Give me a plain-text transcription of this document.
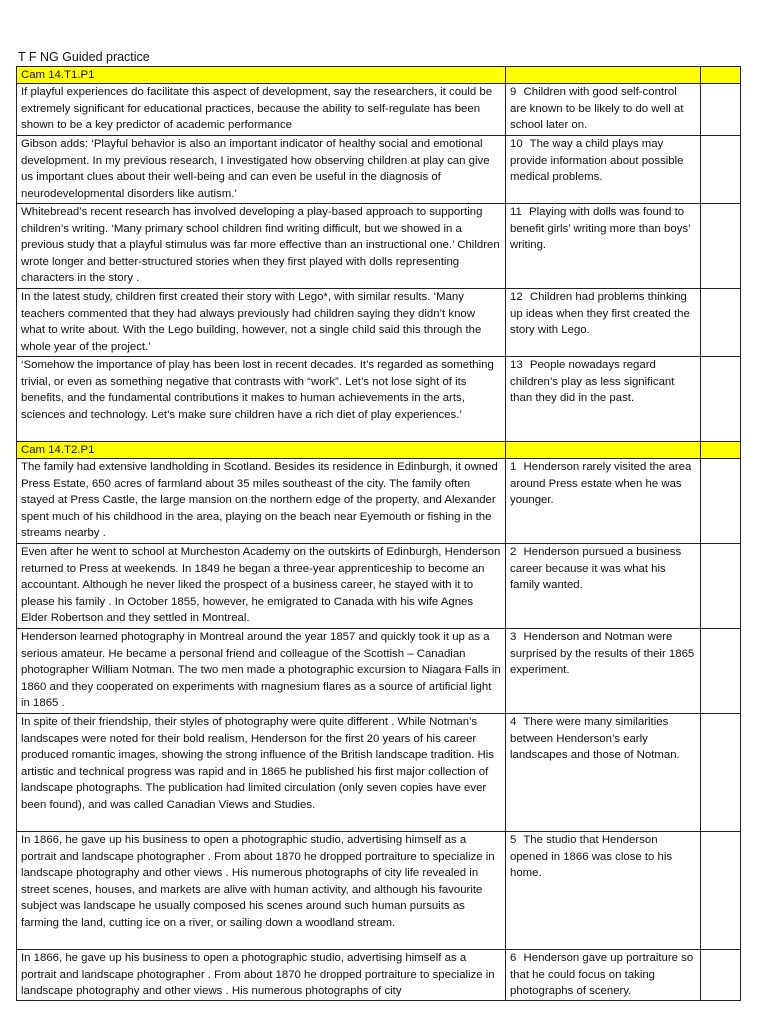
T F NG Guided practice
Cam 14.T1.P1		
If playful experiences do facilitate this aspect of development, say the researchers, it could be extremely significant for educational practices, because the ability to self-regulate has been shown to be a key predictor of academic performance	9 Children with good self-control are known to be likely to do well at school later on.	
Gibson adds: ‘Playful behavior is also an important indicator of healthy social and emotional development. In my previous research, I investigated how observing children at play can give us important clues about their well-being and can even be useful in the diagnosis of neurodevelopmental disorders like autism.’	10 The way a child plays may provide information about possible medical problems.	
Whitebread’s recent research has involved developing a play-based approach to supporting children’s writing. ‘Many primary school children find writing difficult, but we showed in a previous study that a playful stimulus was far more effective than an instructional one.’ Children wrote longer and better-structured stories when they first played with dolls representing characters in the story .	11 Playing with dolls was found to benefit girls’ writing more than boys’ writing.	
In the latest study, children first created their story with Lego*, with similar results. ‘Many teachers commented that they had always previously had children saying they didn’t know what to write about. With the Lego building, however, not a single child said this through the whole year of the project.’	12 Children had problems thinking up ideas when they first created the story with Lego.	
‘Somehow the importance of play has been lost in recent decades. It’s regarded as something trivial, or even as something negative that contrasts with “work”. Let’s not lose sight of its benefits, and the fundamental contributions it makes to human achievements in the arts, sciences and technology. Let’s make sure children have a rich diet of play experiences.’	13 People nowadays regard children’s play as less significant than they did in the past.	
Cam 14.T2.P1		
The family had extensive landholding in Scotland. Besides its residence in Edinburgh, it owned Press Estate, 650 acres of farmland about 35 miles southeast of the city. The family often stayed at Press Castle, the large mansion on the northern edge of the property, and Alexander spent much of his childhood in the area, playing on the beach near Eyemouth or fishing in the streams nearby .	1 Henderson rarely visited the area around Press estate when he was younger.	
Even after he went to school at Murcheston Academy on the outskirts of Edinburgh, Henderson returned to Press at weekends. In 1849 he began a three-year apprenticeship to become an accountant. Although he never liked the prospect of a business career, he stayed with it to please his family . In October 1855, however, he emigrated to Canada with his wife Agnes Elder Robertson and they settled in Montreal.	2 Henderson pursued a business career because it was what his family wanted.	
Henderson learned photography in Montreal around the year 1857 and quickly took it up as a serious amateur. He became a personal friend and colleague of the Scottish – Canadian photographer William Notman. The two men made a photographic excursion to Niagara Falls in 1860 and they cooperated on experiments with magnesium flares as a source of artificial light in 1865 .	3 Henderson and Notman were surprised by the results of their 1865 experiment.	
In spite of their friendship, their styles of photography were quite different . While Notman’s landscapes were noted for their bold realism, Henderson for the first 20 years of his career produced romantic images, showing the strong influence of the British landscape tradition. His artistic and technical progress was rapid and in 1865 he published his first major collection of landscape photographs. The publication had limited circulation (only seven copies have ever been found), and was called Canadian Views and Studies.	4 There were many similarities between Henderson’s early landscapes and those of Notman.	
In 1866, he gave up his business to open a photographic studio, advertising himself as a portrait and landscape photographer . From about 1870 he dropped portraiture to specialize in landscape photography and other views . His numerous photographs of city life revealed in street scenes, houses, and markets are alive with human activity, and although his favourite subject was landscape he usually composed his scenes around such human pursuits as farming the land, cutting ice on a river, or sailing down a woodland stream.	5 The studio that Henderson opened in 1866 was close to his home.	
In 1866, he gave up his business to open a photographic studio, advertising himself as a portrait and landscape photographer . From about 1870 he dropped portraiture to specialize in landscape photography and other views . His numerous photographs of city	6 Henderson gave up portraiture so that he could focus on taking photographs of scenery.	
